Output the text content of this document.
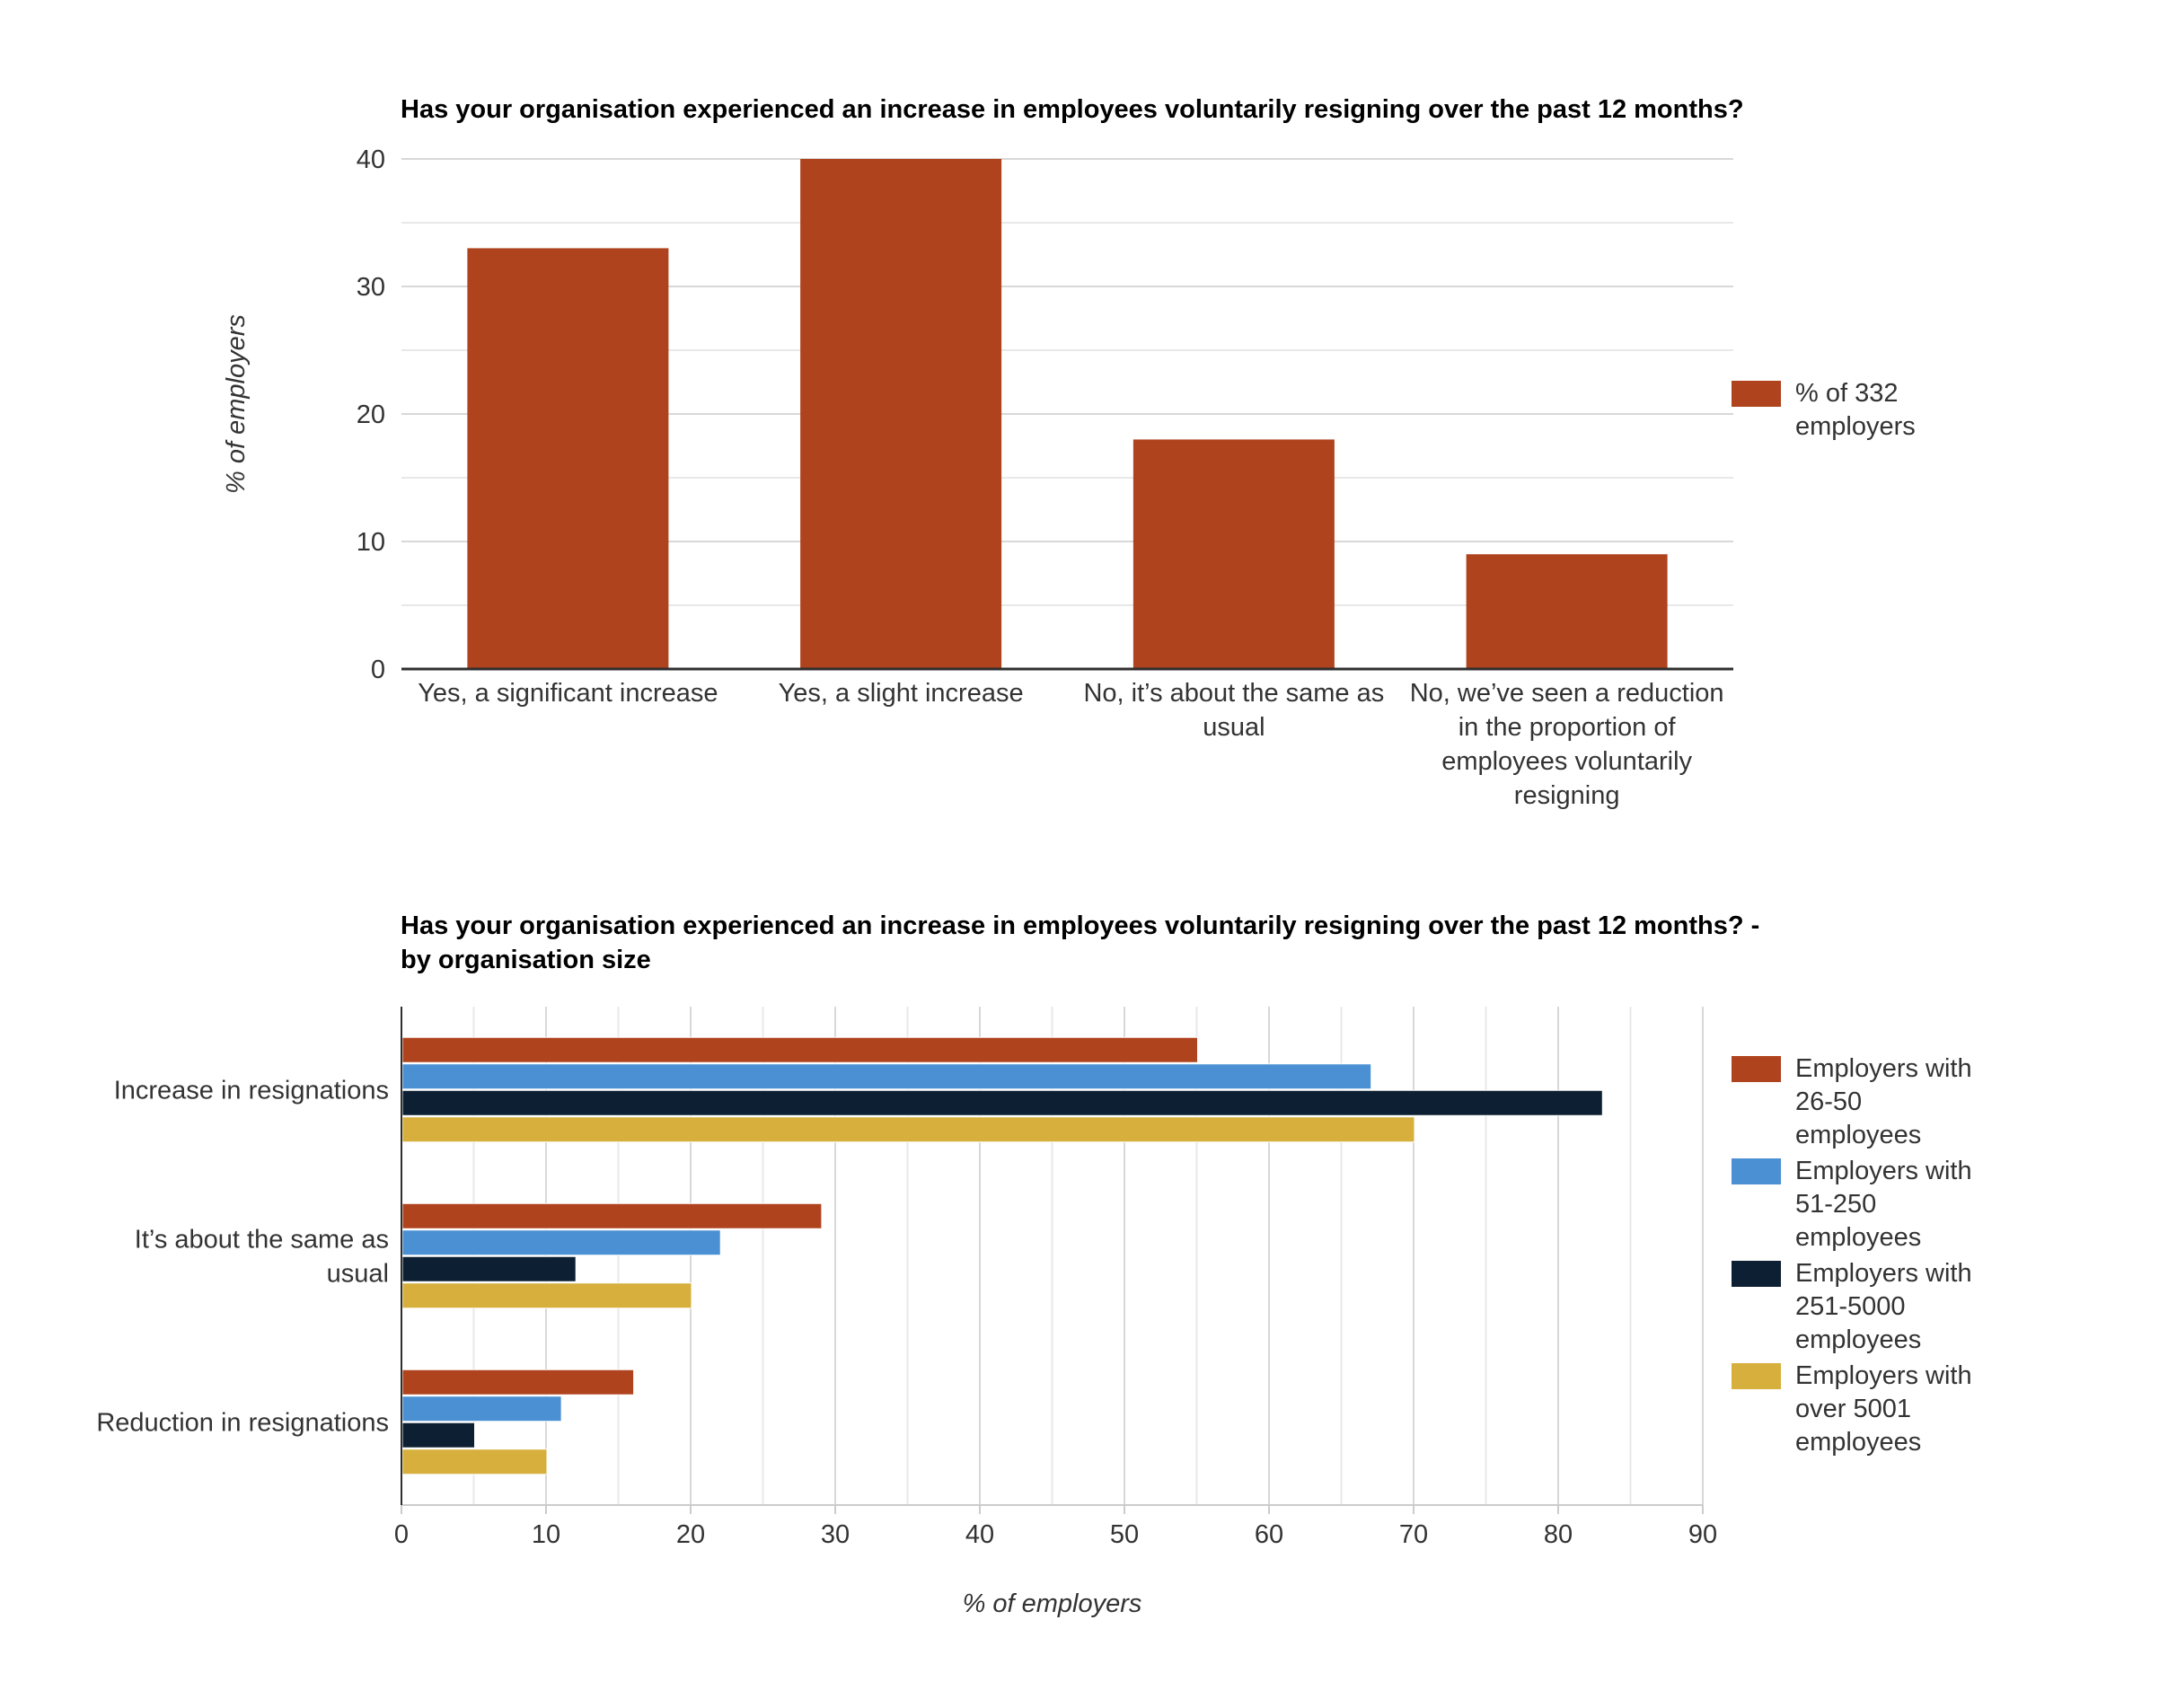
0
10
20
30
40
Yes, a significant increase Yes, a slight increase No, it’s about the same as
usual
No, we’ve seen a reduction
in the proportion of
employees voluntarily
resigning
0	10	20	30	40	50	60	70	80	90
Increase in resignations
It’s about the same as
usual
Reduction in resignations
Has your organisation experienced an increase in employees voluntarily resigning over the past 12 months?
% of employers	% of 332
employers
Has your organisation experienced an increase in employees voluntarily resigning over the past 12 months? - by organisation size
% of employers
Employers with
26-50
employees
Employers with
51-250
employees
Employers with
251-5000
employees
Employers with
over 5001
employees
